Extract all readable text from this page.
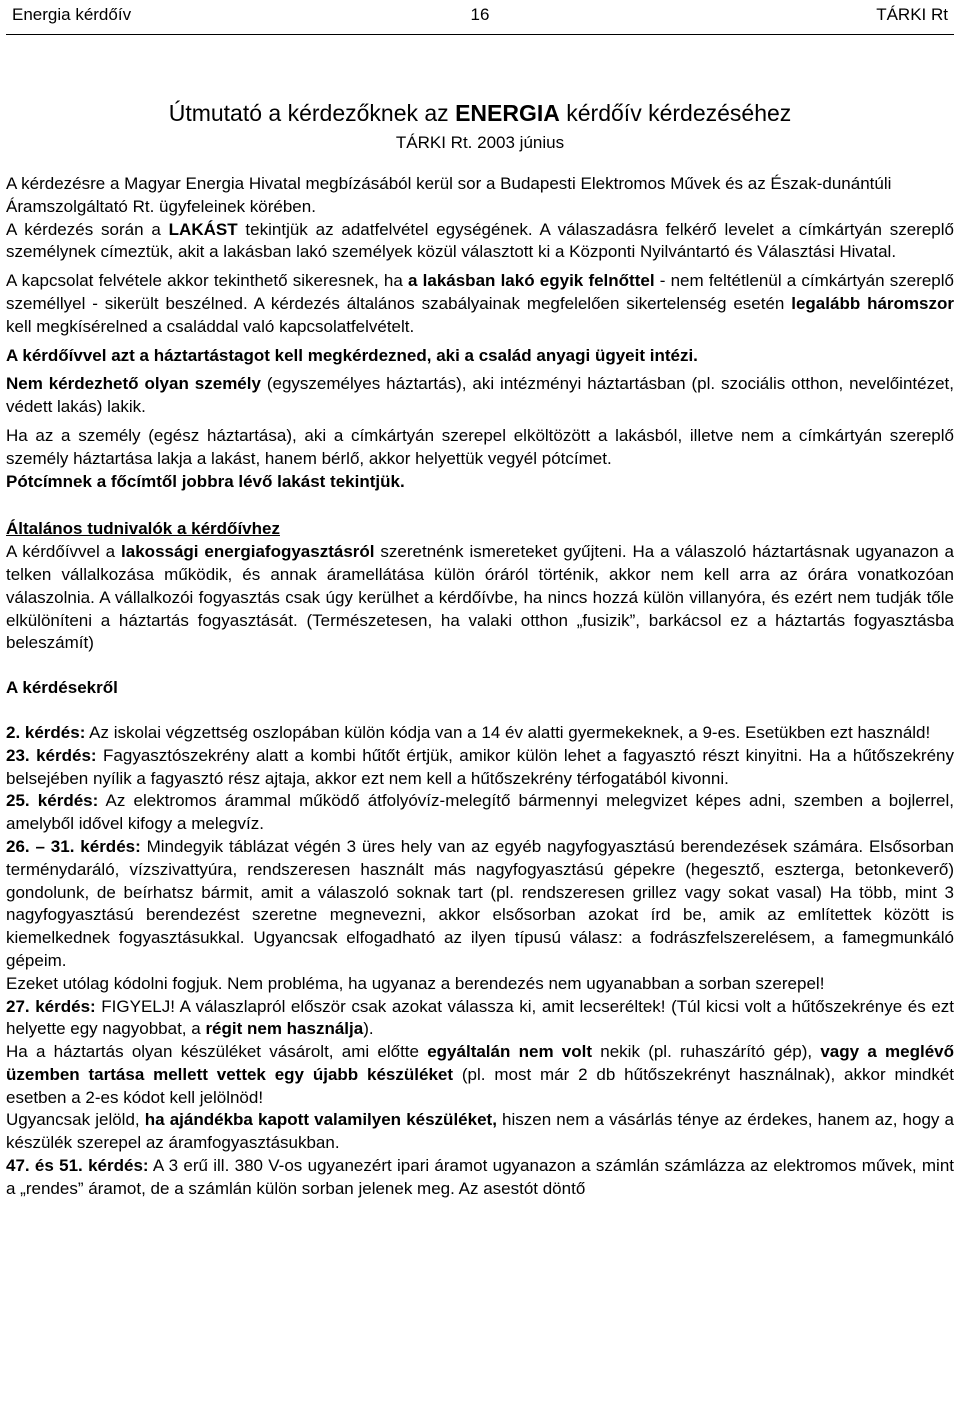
Energia kérdőív	16	TÁRKI Rt
Útmutató a kérdezőknek az ENERGIA kérdőív kérdezéséhez
TÁRKI Rt. 2003 június

A kérdezésre a Magyar Energia Hivatal megbízásából kerül sor a Budapesti Elektromos Művek és az Észak-dunántúli Áramszolgáltató Rt. ügyfeleinek körében.

A kérdezés során a LAKÁST tekintjük az adatfelvétel egységének. A válaszadásra felkérő levelet a címkártyán szereplő személynek címeztük, akit a lakásban lakó személyek közül választott ki a Központi Nyilvántartó és Választási Hivatal.

A kapcsolat felvétele akkor tekinthető sikeresnek, ha a lakásban lakó egyik felnőttel - nem feltétlenül a címkártyán szereplő személlyel - sikerült beszélned. A kérdezés általános szabályainak megfelelően sikertelenség esetén legalább háromszor kell megkísérelned a családdal való kapcsolatfelvételt.

A kérdőívvel azt a háztartástagot kell megkérdezned, aki a család anyagi ügyeit intézi.

Nem kérdezhető olyan személy (egyszemélyes háztartás), aki intézményi háztartásban (pl. szociális otthon, nevelőintézet, védett lakás) lakik.

Ha az a személy (egész háztartása), aki a címkártyán szerepel elköltözött a lakásból, illetve nem a címkártyán szereplő személy háztartása lakja a lakást, hanem bérlő, akkor helyettük vegyél pótcímet.

Pótcímnek a főcímtől jobbra lévő lakást tekintjük.

Általános tudnivalók a kérdőívhez

A kérdőívvel a lakossági energiafogyasztásról szeretnénk ismereteket gyűjteni. Ha a válaszoló háztartásnak ugyanazon a telken vállalkozása működik, és annak áramellátása külön óráról történik, akkor nem kell arra az órára vonatkozóan válaszolnia. A vállalkozói fogyasztás csak úgy kerülhet a kérdőívbe, ha nincs hozzá külön villanyóra, és ezért nem tudják tőle elkülöníteni a háztartás fogyasztását. (Természetesen, ha valaki otthon „fusizik”, barkácsol ez a háztartás fogyasztásba beleszámít)

A kérdésekről

2. kérdés: Az iskolai végzettség oszlopában külön kódja van a 14 év alatti gyermekeknek, a 9-es. Esetükben ezt használd!

23. kérdés: Fagyasztószekrény alatt a kombi hűtőt értjük, amikor külön lehet a fagyasztó részt kinyitni. Ha a hűtőszekrény belsejében nyílik a fagyasztó rész ajtaja, akkor ezt nem kell a hűtőszekrény térfogatából kivonni.

25. kérdés: Az elektromos árammal működő átfolyóvíz-melegítő bármennyi melegvizet képes adni, szemben a bojlerrel, amelyből idővel kifogy a melegvíz.

26. – 31. kérdés: Mindegyik táblázat végén 3 üres hely van az egyéb nagyfogyasztású berendezések számára. Elsősorban terménydaráló, vízszivattyúra, rendszeresen használt más nagyfogyasztású gépekre (hegesztő, eszterga, betonkeverő) gondolunk, de beírhatsz bármit, amit a válaszoló soknak tart (pl. rendszeresen grillez vagy sokat vasal) Ha több, mint 3 nagyfogyasztású berendezést szeretne megnevezni, akkor elsősorban azokat írd be, amik az említettek között is kiemelkednek fogyasztásukkal. Ugyancsak elfogadható az ilyen típusú válasz: a fodrászfelszerelésem, a famegmunkáló gépeim.

Ezeket utólag kódolni fogjuk. Nem probléma, ha ugyanaz a berendezés nem ugyanabban a sorban szerepel!

27. kérdés: FIGYELJ! A válaszlapról először csak azokat válassza ki, amit lecseréltek! (Túl kicsi volt a hűtőszekrénye és ezt helyette egy nagyobbat, a régit nem használja).

Ha a háztartás olyan készüléket vásárolt, ami előtte egyáltalán nem volt nekik (pl. ruhaszárító gép), vagy a meglévő üzemben tartása mellett vettek egy újabb készüléket (pl. most már 2 db hűtőszekrényt használnak), akkor mindkét esetben a 2-es kódot kell jelölnöd!

Ugyancsak jelöld, ha ajándékba kapott valamilyen készüléket, hiszen nem a vásárlás ténye az érdekes, hanem az, hogy a készülék szerepel az áramfogyasztásukban.

47. és 51. kérdés: A 3 erű ill. 380 V-os ugyanezért ipari áramot ugyanazon a számlán számlázza az elektromos művek, mint a „rendes” áramot, de a számlán külön sorban jelenek meg. Az asestót döntő
